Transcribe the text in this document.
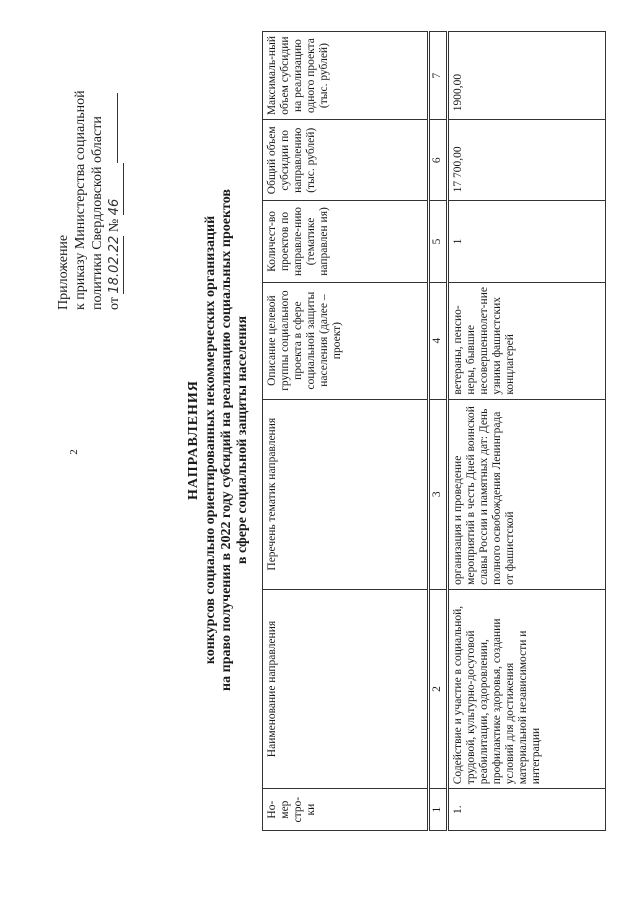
2
Приложение к приказу Министерства социальной политики Свердловской области от 18.02.22 № 46
НАПРАВЛЕНИЯ конкурсов социально ориентированных некоммерческих организаций на право получения в 2022 году субсидий на реализацию социальных проектов в сфере социальной защиты населения
Но-мер стро-ки	Наименование направления	Перечень тематик направления	Описание целевой группы социального проекта в сфере социальной защиты населения (далее – проект)	Количест-во проектов по направле-нию (тематике направлен ия)	Общий объем субсидии по направлению (тыс. рублей)	Максималь-ный объем субсидии на реализацию одного проекта (тыс. рублей)
1	2	3	4	5	6	7
1.	Содействие и участие в социальной, трудовой, культурно-досуговой реабилитации, оздоровлении, профилактике здоровья, создании условий для достижения материальной независимости и интеграции	организация и проведение мероприятий в честь Дней воинской славы России и памятных дат: День полного освобождения Ленинграда от фашистской	ветераны, пенсио-неры, бывшие несовершеннолет-ние узники фашистских концлагерей	1	17 700,00	1900,00
